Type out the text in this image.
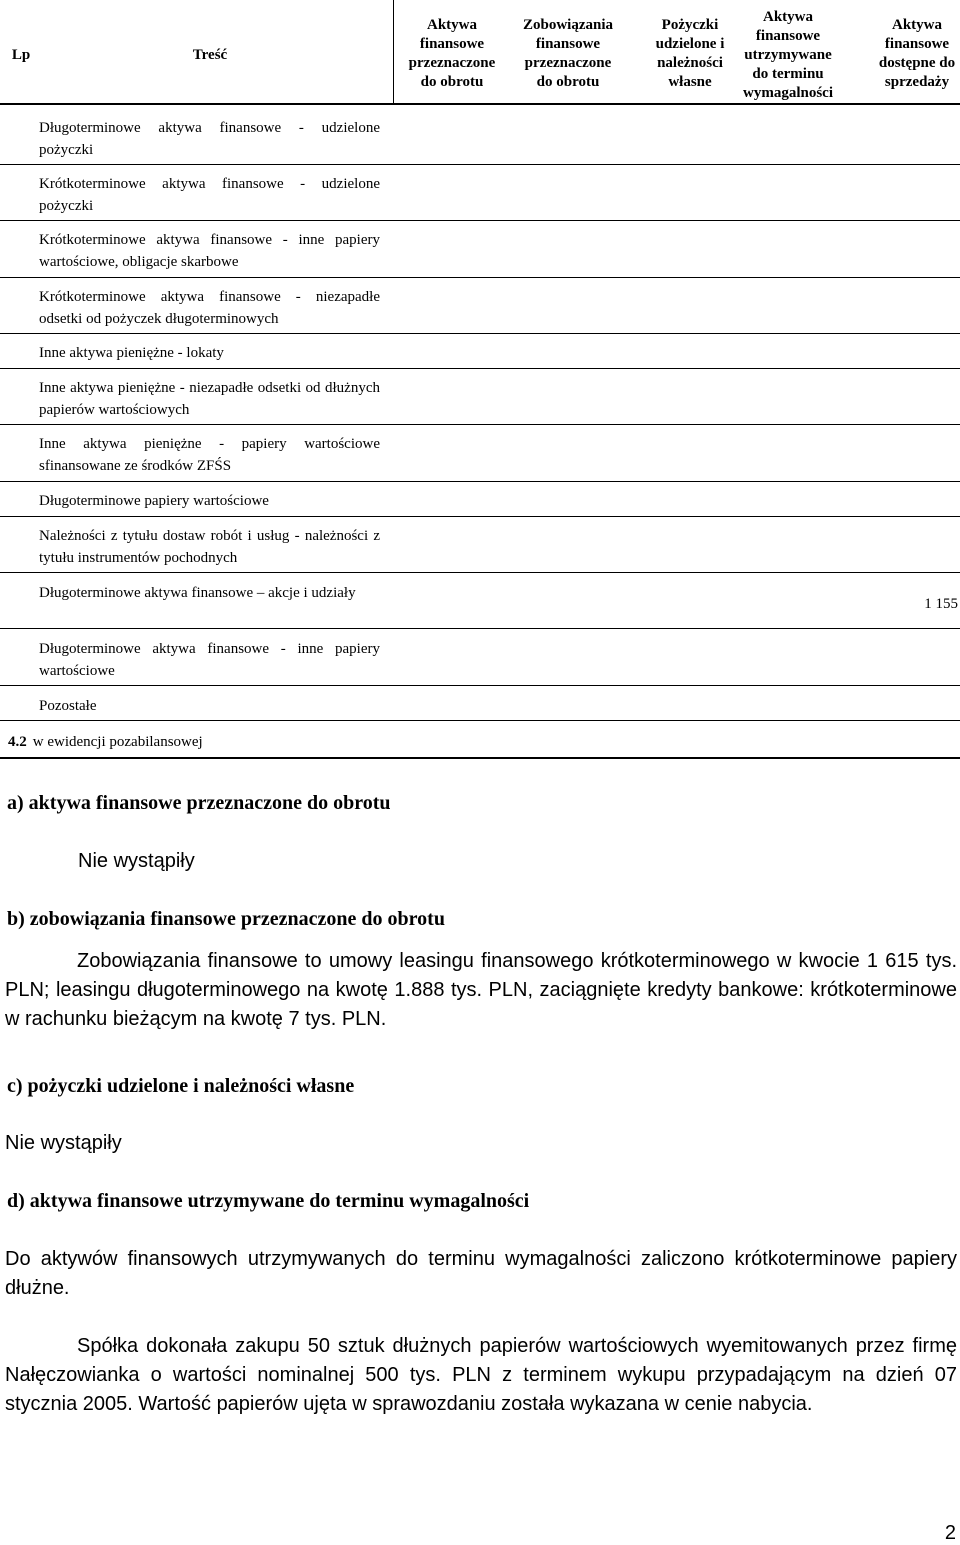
Lp	Treść
Aktywa
finansowe
przeznaczone
do obrotu
Zobowiązania
finansowe
przeznaczone
do obrotu
Pożyczki
udzielone i
należności
własne
Aktywa
finansowe
utrzymywane
do terminu
wymagalności
Aktywa
finansowe
dostępne do
sprzedaży
Długoterminowe aktywa finansowe - udzielone pożyczki
Krótkoterminowe aktywa finansowe - udzielone pożyczki
Krótkoterminowe aktywa finansowe - inne papiery wartościowe, obligacje skarbowe
Krótkoterminowe aktywa finansowe - niezapadłe odsetki od pożyczek długoterminowych
Inne aktywa pieniężne - lokaty
Inne aktywa pieniężne - niezapadłe odsetki od dłużnych papierów wartościowych
Inne aktywa pieniężne - papiery wartościowe sfinansowane ze środków ZFŚS
Długoterminowe papiery wartościowe
Należności z tytułu dostaw robót i usług - należności z tytułu instrumentów pochodnych
Długoterminowe aktywa finansowe – akcje i udziały
1 155
Długoterminowe aktywa finansowe - inne papiery wartościowe
Pozostałe
4.2 w ewidencji pozabilansowej
a) aktywa finansowe przeznaczone do obrotu
Nie wystąpiły
b) zobowiązania finansowe przeznaczone do obrotu
Zobowiązania finansowe to umowy leasingu finansowego krótkoterminowego w kwocie 1 615 tys. PLN; leasingu długoterminowego na kwotę 1.888 tys. PLN, zaciągnięte kredyty bankowe: krótkoterminowe w rachunku bieżącym na kwotę 7 tys. PLN.
c) pożyczki udzielone i należności własne
Nie wystąpiły
d) aktywa finansowe utrzymywane do terminu wymagalności
Do aktywów finansowych utrzymywanych do terminu wymagalności zaliczono krótkoterminowe papiery dłużne.
Spółka dokonała zakupu 50 sztuk dłużnych papierów wartościowych wyemitowanych przez firmę Nałęczowianka o wartości nominalnej 500 tys. PLN z terminem wykupu przypadającym na dzień 07 stycznia 2005. Wartość papierów ujęta w sprawozdaniu została wykazana w cenie nabycia.
2
